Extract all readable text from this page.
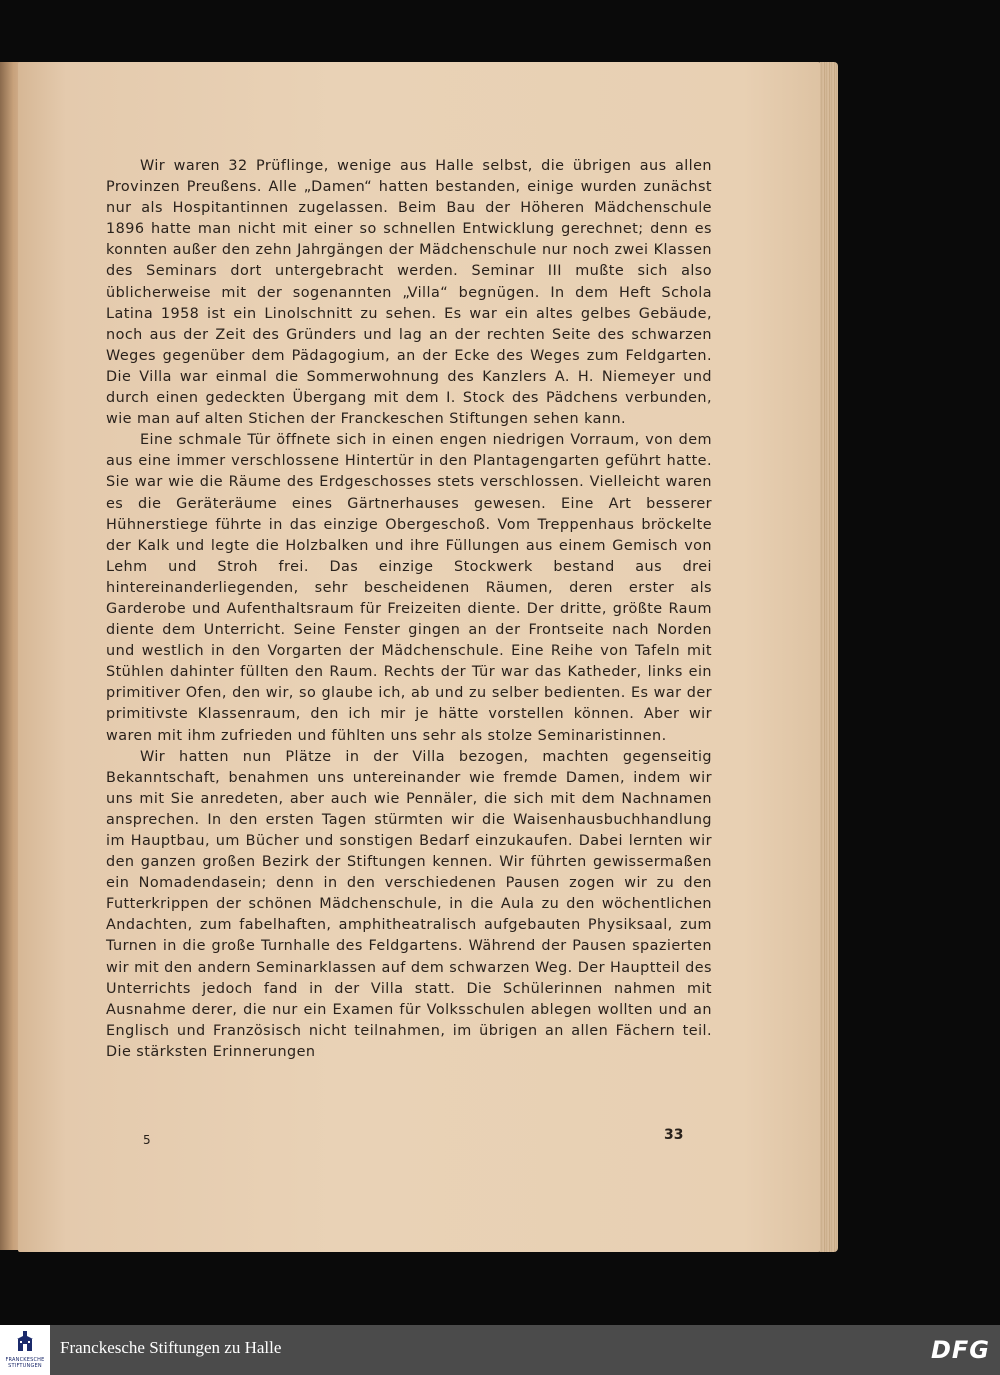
Wir waren 32 Prüflinge, wenige aus Halle selbst, die übrigen aus allen Provinzen Preußens. Alle „Damen“ hatten bestanden, einige wurden zunächst nur als Hospitantinnen zugelassen. Beim Bau der Höheren Mädchenschule 1896 hatte man nicht mit einer so schnellen Entwicklung gerechnet; denn es konnten außer den zehn Jahrgängen der Mädchenschule nur noch zwei Klassen des Seminars dort untergebracht werden. Seminar III mußte sich also üblicherweise mit der sogenannten „Villa“ begnügen. In dem Heft Schola Latina 1958 ist ein Linolschnitt zu sehen. Es war ein altes gelbes Gebäude, noch aus der Zeit des Gründers und lag an der rechten Seite des schwarzen Weges gegenüber dem Pädagogium, an der Ecke des Weges zum Feldgarten. Die Villa war einmal die Sommerwohnung des Kanzlers A. H. Niemeyer und durch einen gedeckten Übergang mit dem I. Stock des Pädchens verbunden, wie man auf alten Stichen der Franckeschen Stiftungen sehen kann.

Eine schmale Tür öffnete sich in einen engen niedrigen Vorraum, von dem aus eine immer verschlossene Hintertür in den Plantagengarten geführt hatte. Sie war wie die Räume des Erdgeschosses stets verschlossen. Vielleicht waren es die Geräteräume eines Gärtnerhauses gewesen. Eine Art besserer Hühnerstiege führte in das einzige Obergeschoß. Vom Treppenhaus bröckelte der Kalk und legte die Holzbalken und ihre Füllungen aus einem Gemisch von Lehm und Stroh frei. Das einzige Stockwerk bestand aus drei hintereinanderliegenden, sehr bescheidenen Räumen, deren erster als Garderobe und Aufenthaltsraum für Freizeiten diente. Der dritte, größte Raum diente dem Unterricht. Seine Fenster gingen an der Frontseite nach Norden und westlich in den Vorgarten der Mädchenschule. Eine Reihe von Tafeln mit Stühlen dahinter füllten den Raum. Rechts der Tür war das Katheder, links ein primitiver Ofen, den wir, so glaube ich, ab und zu selber bedienten. Es war der primitivste Klassenraum, den ich mir je hätte vorstellen können. Aber wir waren mit ihm zufrieden und fühlten uns sehr als stolze Seminaristinnen.

Wir hatten nun Plätze in der Villa bezogen, machten gegenseitig Bekanntschaft, benahmen uns untereinander wie fremde Damen, indem wir uns mit Sie anredeten, aber auch wie Pennäler, die sich mit dem Nachnamen ansprechen. In den ersten Tagen stürmten wir die Waisenhausbuchhandlung im Hauptbau, um Bücher und sonstigen Bedarf einzukaufen. Dabei lernten wir den ganzen großen Bezirk der Stiftungen kennen. Wir führten gewissermaßen ein Nomadendasein; denn in den verschiedenen Pausen zogen wir zu den Futterkrippen der schönen Mädchenschule, in die Aula zu den wöchentlichen Andachten, zum fabelhaften, amphitheatralisch aufgebauten Physiksaal, zum Turnen in die große Turnhalle des Feldgartens. Während der Pausen spazierten wir mit den andern Seminarklassen auf dem schwarzen Weg. Der Hauptteil des Unterrichts jedoch fand in der Villa statt. Die Schülerinnen nahmen mit Ausnahme derer, die nur ein Examen für Volksschulen ablegen wollten und an Englisch und Französisch nicht teilnahmen, im übrigen an allen Fächern teil. Die stärksten Erinnerungen

5	33
FRANCKESCHE STIFTUNGEN
Franckesche Stiftungen zu Halle	DFG
